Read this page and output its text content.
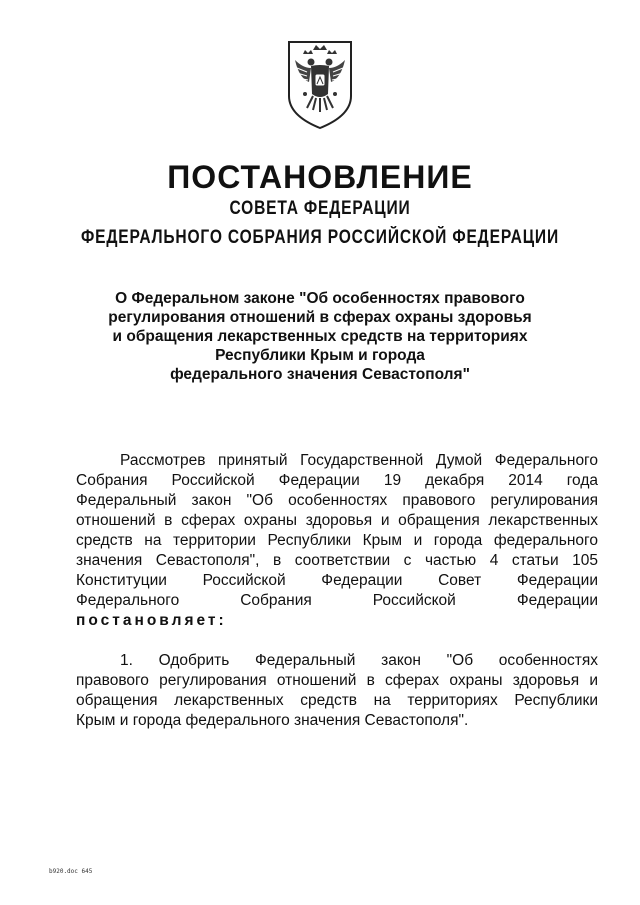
ПОСТАНОВЛЕНИЕ
СОВЕТА ФЕДЕРАЦИИ
ФЕДЕРАЛЬНОГО СОБРАНИЯ РОССИЙСКОЙ ФЕДЕРАЦИИ
О Федеральном законе "Об особенностях правового
регулирования отношений в сферах охраны здоровья
и обращения лекарственных средств на территориях
Республики Крым и города
федерального значения Севастополя"
Рассмотрев принятый Государственной Думой Федерального
Собрания Российской Федерации 19 декабря 2014 года
Федеральный закон "Об особенностях правового регулирования
отношений в сферах охраны здоровья и обращения лекарственных
средств на территории Республики Крым и города федерального
значения Севастополя", в соответствии с частью 4 статьи 105
Конституции Российской Федерации Совет Федерации
Федерального Собрания Российской Федерации
постановляет:
1. Одобрить Федеральный закон "Об особенностях
правового регулирования отношений в сферах охраны здоровья и
обращения лекарственных средств на территориях Республики
Крым и города федерального значения Севастополя".
b920.doc 645
